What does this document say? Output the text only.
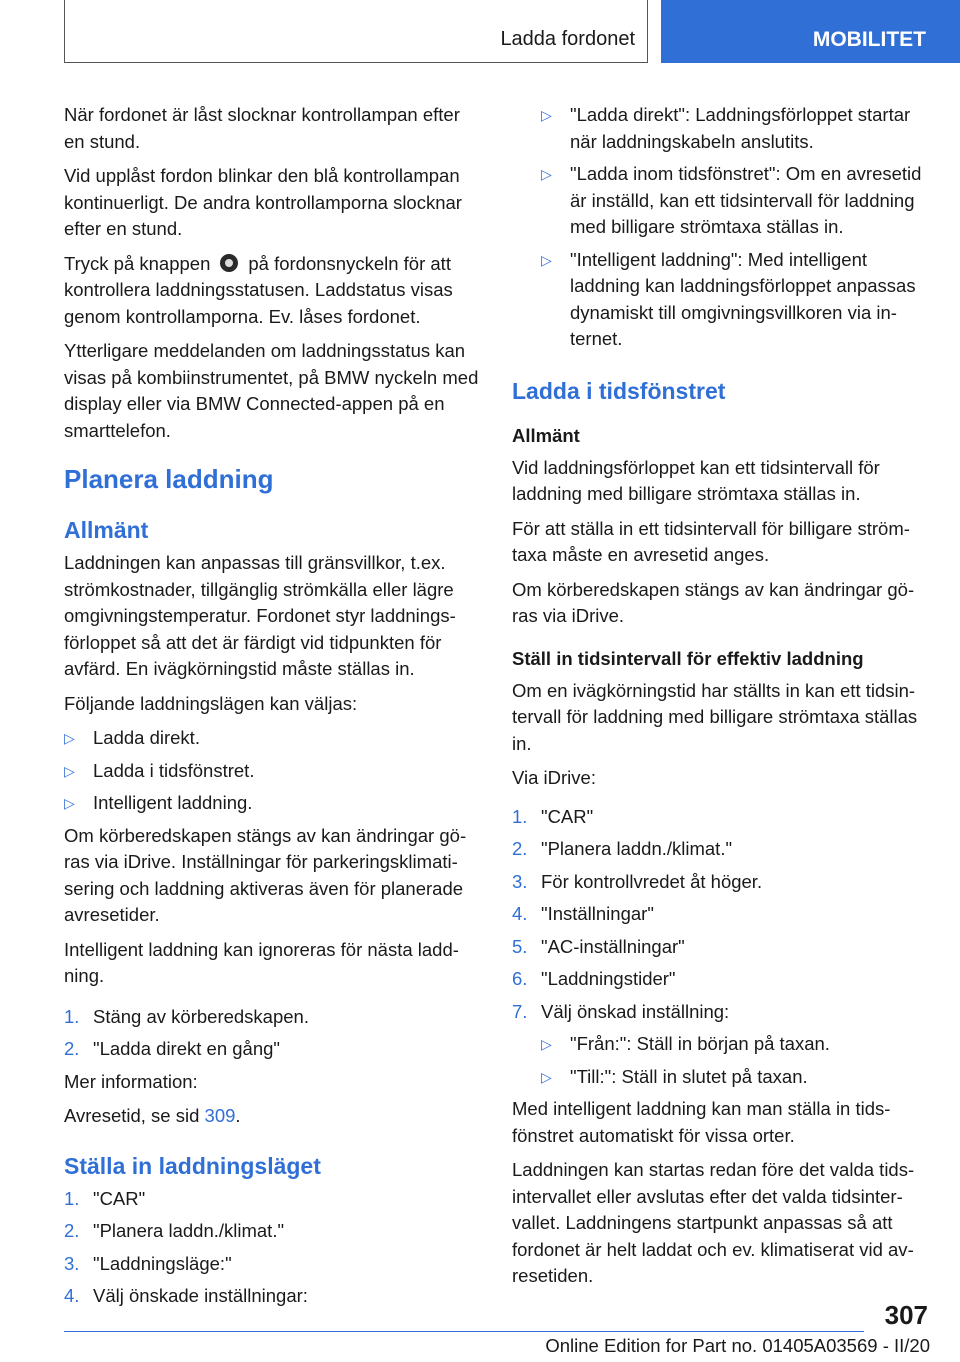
Ladda fordonet	MOBILITET

När fordonet är låst slocknar kontrollampan efter en stund.

Vid upplåst fordon blinkar den blå kontrollampan kontinuerligt. De andra kontrollamporna slocknar efter en stund.

Tryck på knappen på fordonsnyckeln för att kontrollera laddningsstatusen. Laddstatus visas genom kontrollamporna. Ev. låses fordonet.

Ytterligare meddelanden om laddningsstatus kan visas på kombiinstrumentet, på BMW nyckeln med display eller via BMW Connected-appen på en smarttelefon.

Planera laddning
Allmänt

Laddningen kan anpassas till gränsvillkor, t.ex. strömkostnader, tillgänglig strömkälla eller lägre omgivningstemperatur. Fordonet styr laddningsförloppet så att det är färdigt vid tidpunkten för avfärd. En ivägkörningstid måste ställas in.

Följande laddningslägen kan väljas:

▷ Ladda direkt.
▷ Ladda i tidsfönstret.
▷ Intelligent laddning.

Om körberedskapen stängs av kan ändringar göras via iDrive. Inställningar för parkeringsklimatisering och laddning aktiveras även för planerade avresetider.

Intelligent laddning kan ignoreras för nästa laddning.

1. Stäng av körberedskapen.
2. "Ladda direkt en gång"

Mer information:

Avresetid, se sid 309.

Ställa in laddningsläget
1. "CAR"
2. "Planera laddn./klimat."
3. "Laddningsläge:"
4. Välj önskade inställningar:
▷ "Ladda direkt": Laddningsförloppet startar när laddningskabeln anslutits.
▷ "Ladda inom tidsfönstret": Om en avresetid är inställd, kan ett tidsintervall för laddning med billigare strömtaxa ställas in.
▷ "Intelligent laddning": Med intelligent laddning kan laddningsförloppet anpassas dynamiskt till omgivningsvillkoren via internet.
Ladda i tidsfönstret
Allmänt

Vid laddningsförloppet kan ett tidsintervall för laddning med billigare strömtaxa ställas in.

För att ställa in ett tidsintervall för billigare strömtaxa måste en avresetid anges.

Om körberedskapen stängs av kan ändringar göras via iDrive.

Ställ in tidsintervall för effektiv laddning

Om en ivägkörningstid har ställts in kan ett tidsintervall för laddning med billigare strömtaxa ställas in.

Via iDrive:

1. "CAR"
2. "Planera laddn./klimat."
3. För kontrollvredet åt höger.
4. "Inställningar"
5. "AC-inställningar"
6. "Laddningstider"
7. Välj önskad inställning:
▷ "Från:": Ställ in början på taxan.
▷ "Till:": Ställ in slutet på taxan.

Med intelligent laddning kan man ställa in tidsfönstret automatiskt för vissa orter.

Laddningen kan startas redan före det valda tidsintervallet eller avslutas efter det valda tidsintervallet. Laddningens startpunkt anpassas så att fordonet är helt laddat och ev. klimatiserat vid avresetiden.

307
Online Edition for Part no. 01405A03569 - II/20
